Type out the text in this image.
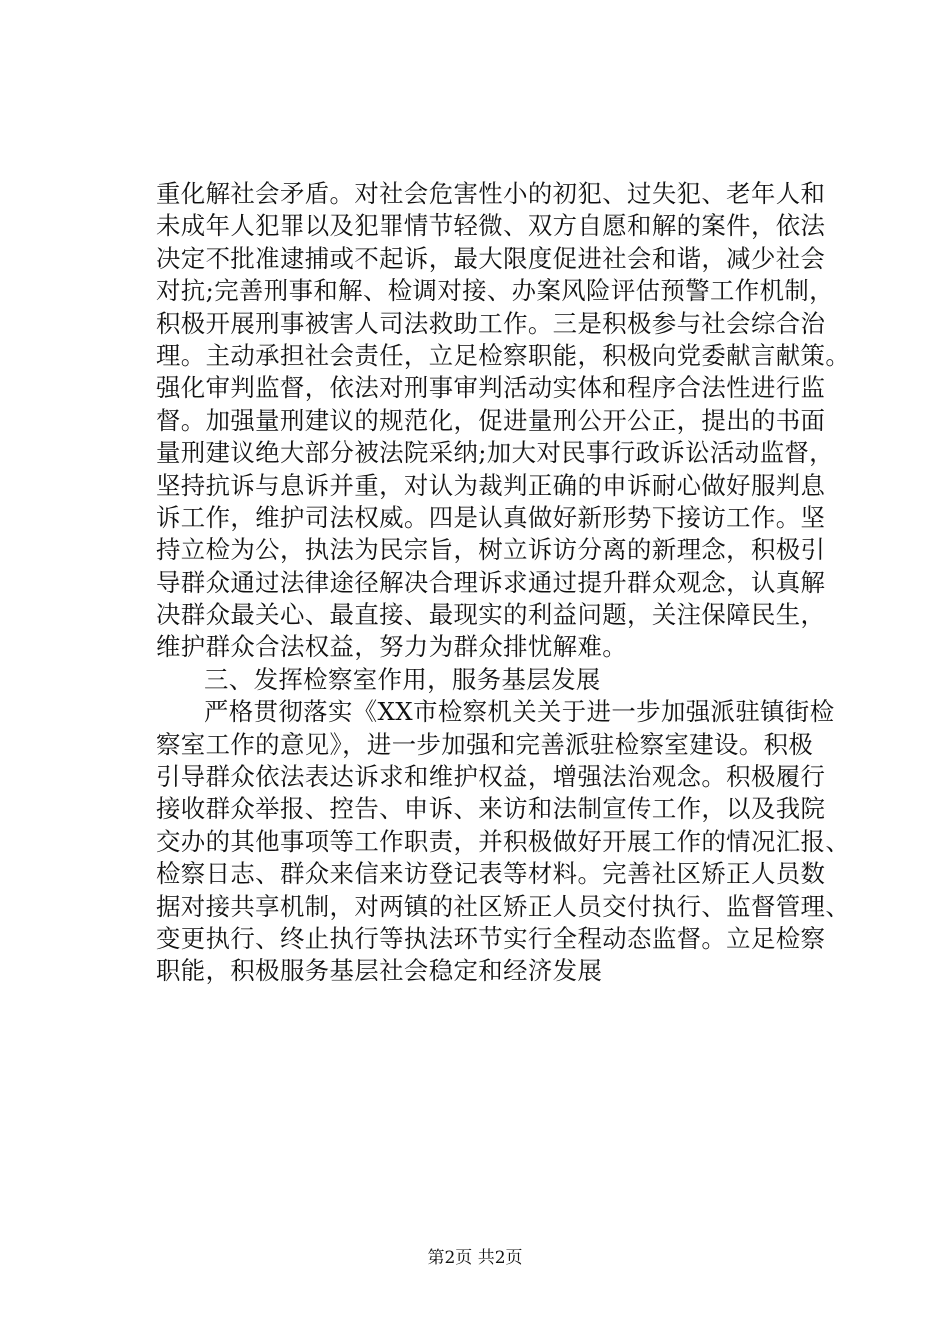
重化解社会矛盾。对社会危害性小的初犯、过失犯、老年人和
未成年人犯罪以及犯罪情节轻微、双方自愿和解的案件，依法
决定不批准逮捕或不起诉，最大限度促进社会和谐，减少社会
对抗;完善刑事和解、检调对接、办案风险评估预警工作机制，
积极开展刑事被害人司法救助工作。三是积极参与社会综合治
理。主动承担社会责任，立足检察职能，积极向党委献言献策。
强化审判监督，依法对刑事审判活动实体和程序合法性进行监
督。加强量刑建议的规范化，促进量刑公开公正，提出的书面
量刑建议绝大部分被法院采纳;加大对民事行政诉讼活动监督，
坚持抗诉与息诉并重，对认为裁判正确的申诉耐心做好服判息
诉工作，维护司法权威。四是认真做好新形势下接访工作。坚
持立检为公，执法为民宗旨，树立诉访分离的新理念，积极引
导群众通过法律途径解决合理诉求通过提升群众观念，认真解
决群众最关心、最直接、最现实的利益问题，关注保障民生，
维护群众合法权益，努力为群众排忧解难。
三、发挥检察室作用，服务基层发展
严格贯彻落实《XX市检察机关关于进一步加强派驻镇街检
察室工作的意见》，进一步加强和完善派驻检察室建设。积极
引导群众依法表达诉求和维护权益，增强法治观念。积极履行
接收群众举报、控告、申诉、来访和法制宣传工作，以及我院
交办的其他事项等工作职责，并积极做好开展工作的情况汇报、
检察日志、群众来信来访登记表等材料。完善社区矫正人员数
据对接共享机制，对两镇的社区矫正人员交付执行、监督管理、
变更执行、终止执行等执法环节实行全程动态监督。立足检察
职能，积极服务基层社会稳定和经济发展
第2页 共2页
